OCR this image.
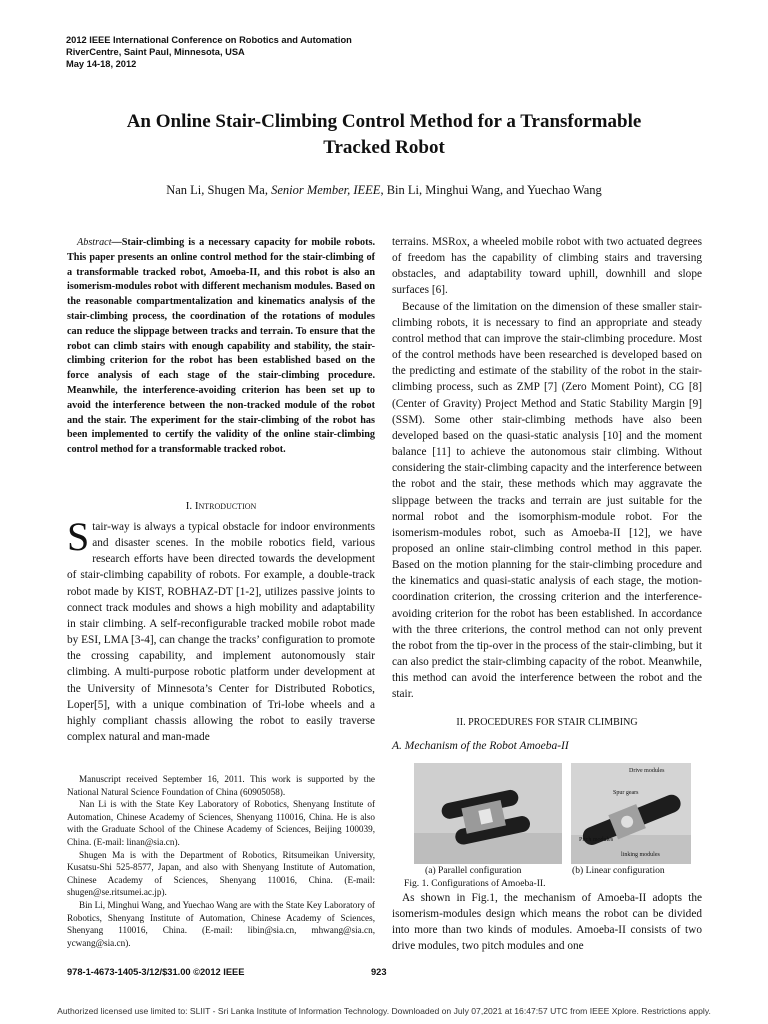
2012 IEEE International Conference on Robotics and Automation
RiverCentre, Saint Paul, Minnesota, USA
May 14-18, 2012
An Online Stair-Climbing Control Method for a Transformable
Tracked Robot
Nan Li, Shugen Ma, Senior Member, IEEE, Bin Li, Minghui Wang, and Yuechao Wang

Abstract—Stair-climbing is a necessary capacity for mobile robots. This paper presents an online control method for the stair-climbing of a transformable tracked robot, Amoeba-II, and this robot is also an isomerism-modules robot with different mechanism modules. Based on the reasonable compartmentalization and kinematics analysis of the stair-climbing process, the coordination of the rotations of modules can reduce the slippage between tracks and terrain. To ensure that the robot can climb stairs with enough capability and stability, the stair-climbing criterion for the robot has been established based on the force analysis of each stage of the stair-climbing procedure. Meanwhile, the interference-avoiding criterion has been set up to avoid the interference between the non-tracked module of the robot and the stair. The experiment for the stair-climbing of the robot has been implemented to certify the validity of the online stair-climbing control method for a transformable tracked robot.

I. Introduction

Stair-way is always a typical obstacle for indoor environments and disaster scenes. In the mobile robotics field, various research efforts have been directed towards the development of stair-climbing capability of robots. For example, a double-track robot made by KIST, ROBHAZ-DT [1-2], utilizes passive joints to connect track modules and shows a high mobility and adaptability in stair climbing. A self-reconfigurable tracked mobile robot made by ESI, LMA [3-4], can change the tracks’ configuration to promote the crossing capability, and implement autonomously stair climbing. A multi-purpose robotic platform under development at the University of Minnesota’s Center for Distributed Robotics, Loper[5], with a unique combination of Tri-lobe wheels and a highly compliant chassis allowing the robot to easily traverse complex natural and man-made

Manuscript received September 16, 2011. This work is supported by the National Natural Science Foundation of China (60905058).

Nan Li is with the State Key Laboratory of Robotics, Shenyang Institute of Automation, Chinese Academy of Sciences, Shenyang 110016, China. He is also with the Graduate School of the Chinese Academy of Sciences, Beijing 100039, China. (E-mail: linan@sia.cn).

Shugen Ma is with the Department of Robotics, Ritsumeikan University, Kusatsu-Shi 525-8577, Japan, and also with Shenyang Institute of Automation, Chinese Academy of Sciences, Shenyang 110016, China. (E-mail: shugen@se.ritsumei.ac.jp).

Bin Li, Minghui Wang, and Yuechao Wang are with the State Key Laboratory of Robotics, Shenyang Institute of Automation, Chinese Academy of Sciences, Shenyang 110016, China. (E-mail: libin@sia.cn, mhwang@sia.cn, ycwang@sia.cn).

terrains. MSRox, a wheeled mobile robot with two actuated degrees of freedom has the capability of climbing stairs and traversing obstacles, and adaptability toward uphill, downhill and slope surfaces [6].

Because of the limitation on the dimension of these smaller stair-climbing robots, it is necessary to find an appropriate and steady control method that can improve the stair-climbing procedure. Most of the control methods have been researched is developed based on the predicting and estimate of the stability of the robot in the stair-climbing process, such as ZMP [7] (Zero Moment Point), CG [8] (Center of Gravity) Project Method and Static Stability Margin [9] (SSM). Some other stair-climbing methods have also been developed based on the quasi-static analysis [10] and the moment balance [11] to achieve the autonomous stair climbing. Without considering the stair-climbing capacity and the interference between the robot and the stair, these methods which may aggravate the slippage between the tracks and terrain are just suitable for the normal robot and the isomorphism-module robot. For the isomerism-modules robot, such as Amoeba-II [12], we have proposed an online stair-climbing control method in this paper. Based on the motion planning for the stair-climbing procedure and the kinematics and quasi-static analysis of each stage, the motion-coordination criterion, the crossing criterion and the interference-avoiding criterion for the robot has been established. In accordance with the three criterions, the control method can not only prevent the robot from the tip-over in the process of the stair-climbing, but it can also predict the stair-climbing capacity of the robot. Meanwhile, this method can avoid the interference between the robot and the stair.

II. PROCEDURES FOR STAIR CLIMBING
A. Mechanism of the Robot Amoeba-II
Drive modules
Spur gears
Pitch modules
linking modules
(a) Parallel configuration	(b) Linear configuration
Fig. 1. Configurations of Amoeba-II.

As shown in Fig.1, the mechanism of Amoeba-II adopts the isomerism-modules design which means the robot can be divided into more than two kinds of modules. Amoeba-II consists of two drive modules, two pitch modules and one

978-1-4673-1405-3/12/$31.00 ©2012 IEEE	923
Authorized licensed use limited to: SLIIT - Sri Lanka Institute of Information Technology. Downloaded on July 07,2021 at 16:47:57 UTC from IEEE Xplore. Restrictions apply.
